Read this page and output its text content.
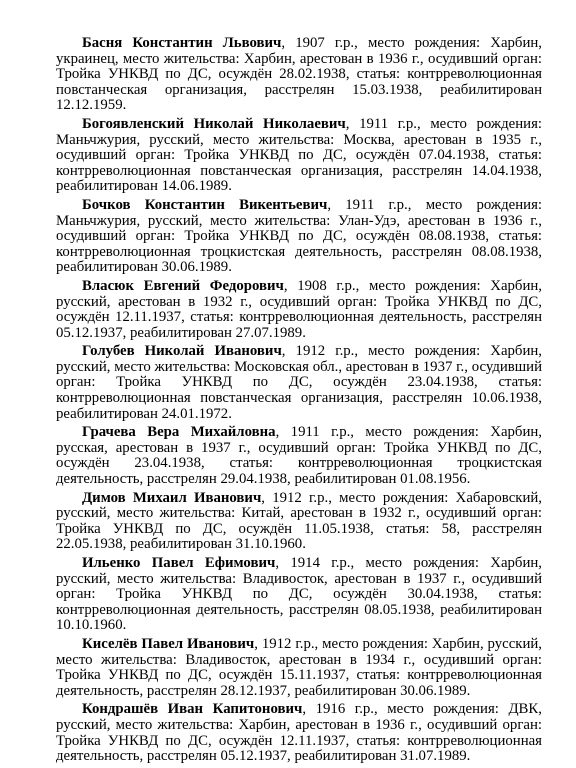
Басня Константин Львович, 1907 г.р., место рождения: Харбин, украинец, место жительства: Харбин, арестован в 1936 г., осудивший орган: Тройка УНКВД по ДС, осуждён 28.02.1938, статья: контрреволюционная повстанческая организация, расстрелян 15.03.1938, реабилитирован 12.12.1959.

Богоявленский Николай Николаевич, 1911 г.р., место рождения: Маньчжурия, русский, место жительства: Москва, арестован в 1935 г., осудивший орган: Тройка УНКВД по ДС, осуждён 07.04.1938, статья: контрреволюционная повстанческая организация, расстрелян 14.04.1938, реабилитирован 14.06.1989.

Бочков Константин Викентьевич, 1911 г.р., место рождения: Маньчжурия, русский, место жительства: Улан-Удэ, арестован в 1936 г., осудивший орган: Тройка УНКВД по ДС, осуждён 08.08.1938, статья: контрреволюционная троцкистская деятельность, расстрелян 08.08.1938, реабилитирован 30.06.1989.

Власюк Евгений Федорович, 1908 г.р., место рождения: Харбин, русский, арестован в 1932 г., осудивший орган: Тройка УНКВД по ДС, осуждён 12.11.1937, статья: контрреволюционная деятельность, расстрелян 05.12.1937, реабилитирован 27.07.1989.

Голубев Николай Иванович, 1912 г.р., место рождения: Харбин, русский, место жительства: Московская обл., арестован в 1937 г., осудивший орган: Тройка УНКВД по ДС, осуждён 23.04.1938, статья: контрреволюционная повстанческая организация, расстрелян 10.06.1938, реабилитирован 24.01.1972.

Грачева Вера Михайловна, 1911 г.р., место рождения: Харбин, русская, арестован в 1937 г., осудивший орган: Тройка УНКВД по ДС, осуждён 23.04.1938, статья: контрреволюционная троцкистская деятельность, расстрелян 29.04.1938, реабилитирован 01.08.1956.

Димов Михаил Иванович, 1912 г.р., место рождения: Хабаровский, русский, место жительства: Китай, арестован в 1932 г., осудивший орган: Тройка УНКВД по ДС, осуждён 11.05.1938, статья: 58, расстрелян 22.05.1938, реабилитирован 31.10.1960.

Ильенко Павел Ефимович, 1914 г.р., место рождения: Харбин, русский, место жительства: Владивосток, арестован в 1937 г., осудивший орган: Тройка УНКВД по ДС, осуждён 30.04.1938, статья: контрреволюционная деятельность, расстрелян 08.05.1938, реабилитирован 10.10.1960.

Киселёв Павел Иванович, 1912 г.р., место рождения: Харбин, русский, место жительства: Владивосток, арестован в 1934 г., осудивший орган: Тройка УНКВД по ДС, осуждён 15.11.1937, статья: контрреволюционная деятельность, расстрелян 28.12.1937, реабилитирован 30.06.1989.

Кондрашёв Иван Капитонович, 1916 г.р., место рождения: ДВК, русский, место жительства: Харбин, арестован в 1936 г., осудивший орган: Тройка УНКВД по ДС, осуждён 12.11.1937, статья: контрреволюционная деятельность, расстрелян 05.12.1937, реабилитирован 31.07.1989.
